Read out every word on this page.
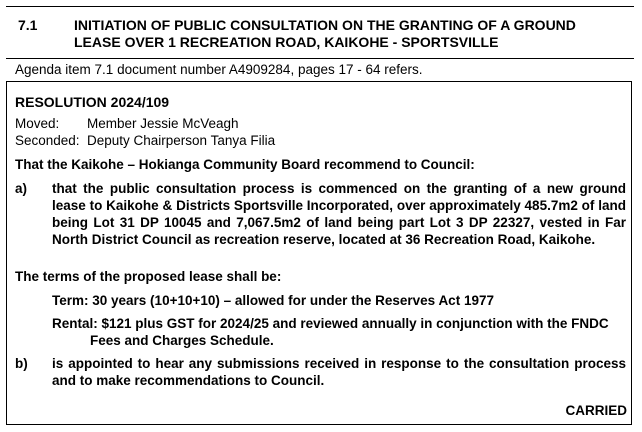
7.1	INITIATION OF PUBLIC CONSULTATION ON THE GRANTING OF A GROUND LEASE OVER 1 RECREATION ROAD, KAIKOHE - SPORTSVILLE
Agenda item 7.1 document number A4909284, pages 17 - 64 refers.
RESOLUTION 2024/109
Moved: Member Jessie McVeagh
Seconded: Deputy Chairperson Tanya Filia
That the Kaikohe – Hokianga Community Board recommend to Council:
a) that the public consultation process is commenced on the granting of a new ground lease to Kaikohe & Districts Sportsville Incorporated, over approximately 485.7m2 of land being Lot 31 DP 10045 and 7,067.5m2 of land being part Lot 3 DP 22327, vested in Far North District Council as recreation reserve, located at 36 Recreation Road, Kaikohe.
The terms of the proposed lease shall be:
Term: 30 years (10+10+10) – allowed for under the Reserves Act 1977
Rental: $121 plus GST for 2024/25 and reviewed annually in conjunction with the FNDC Fees and Charges Schedule.
b) is appointed to hear any submissions received in response to the consultation process and to make recommendations to Council.
CARRIED
